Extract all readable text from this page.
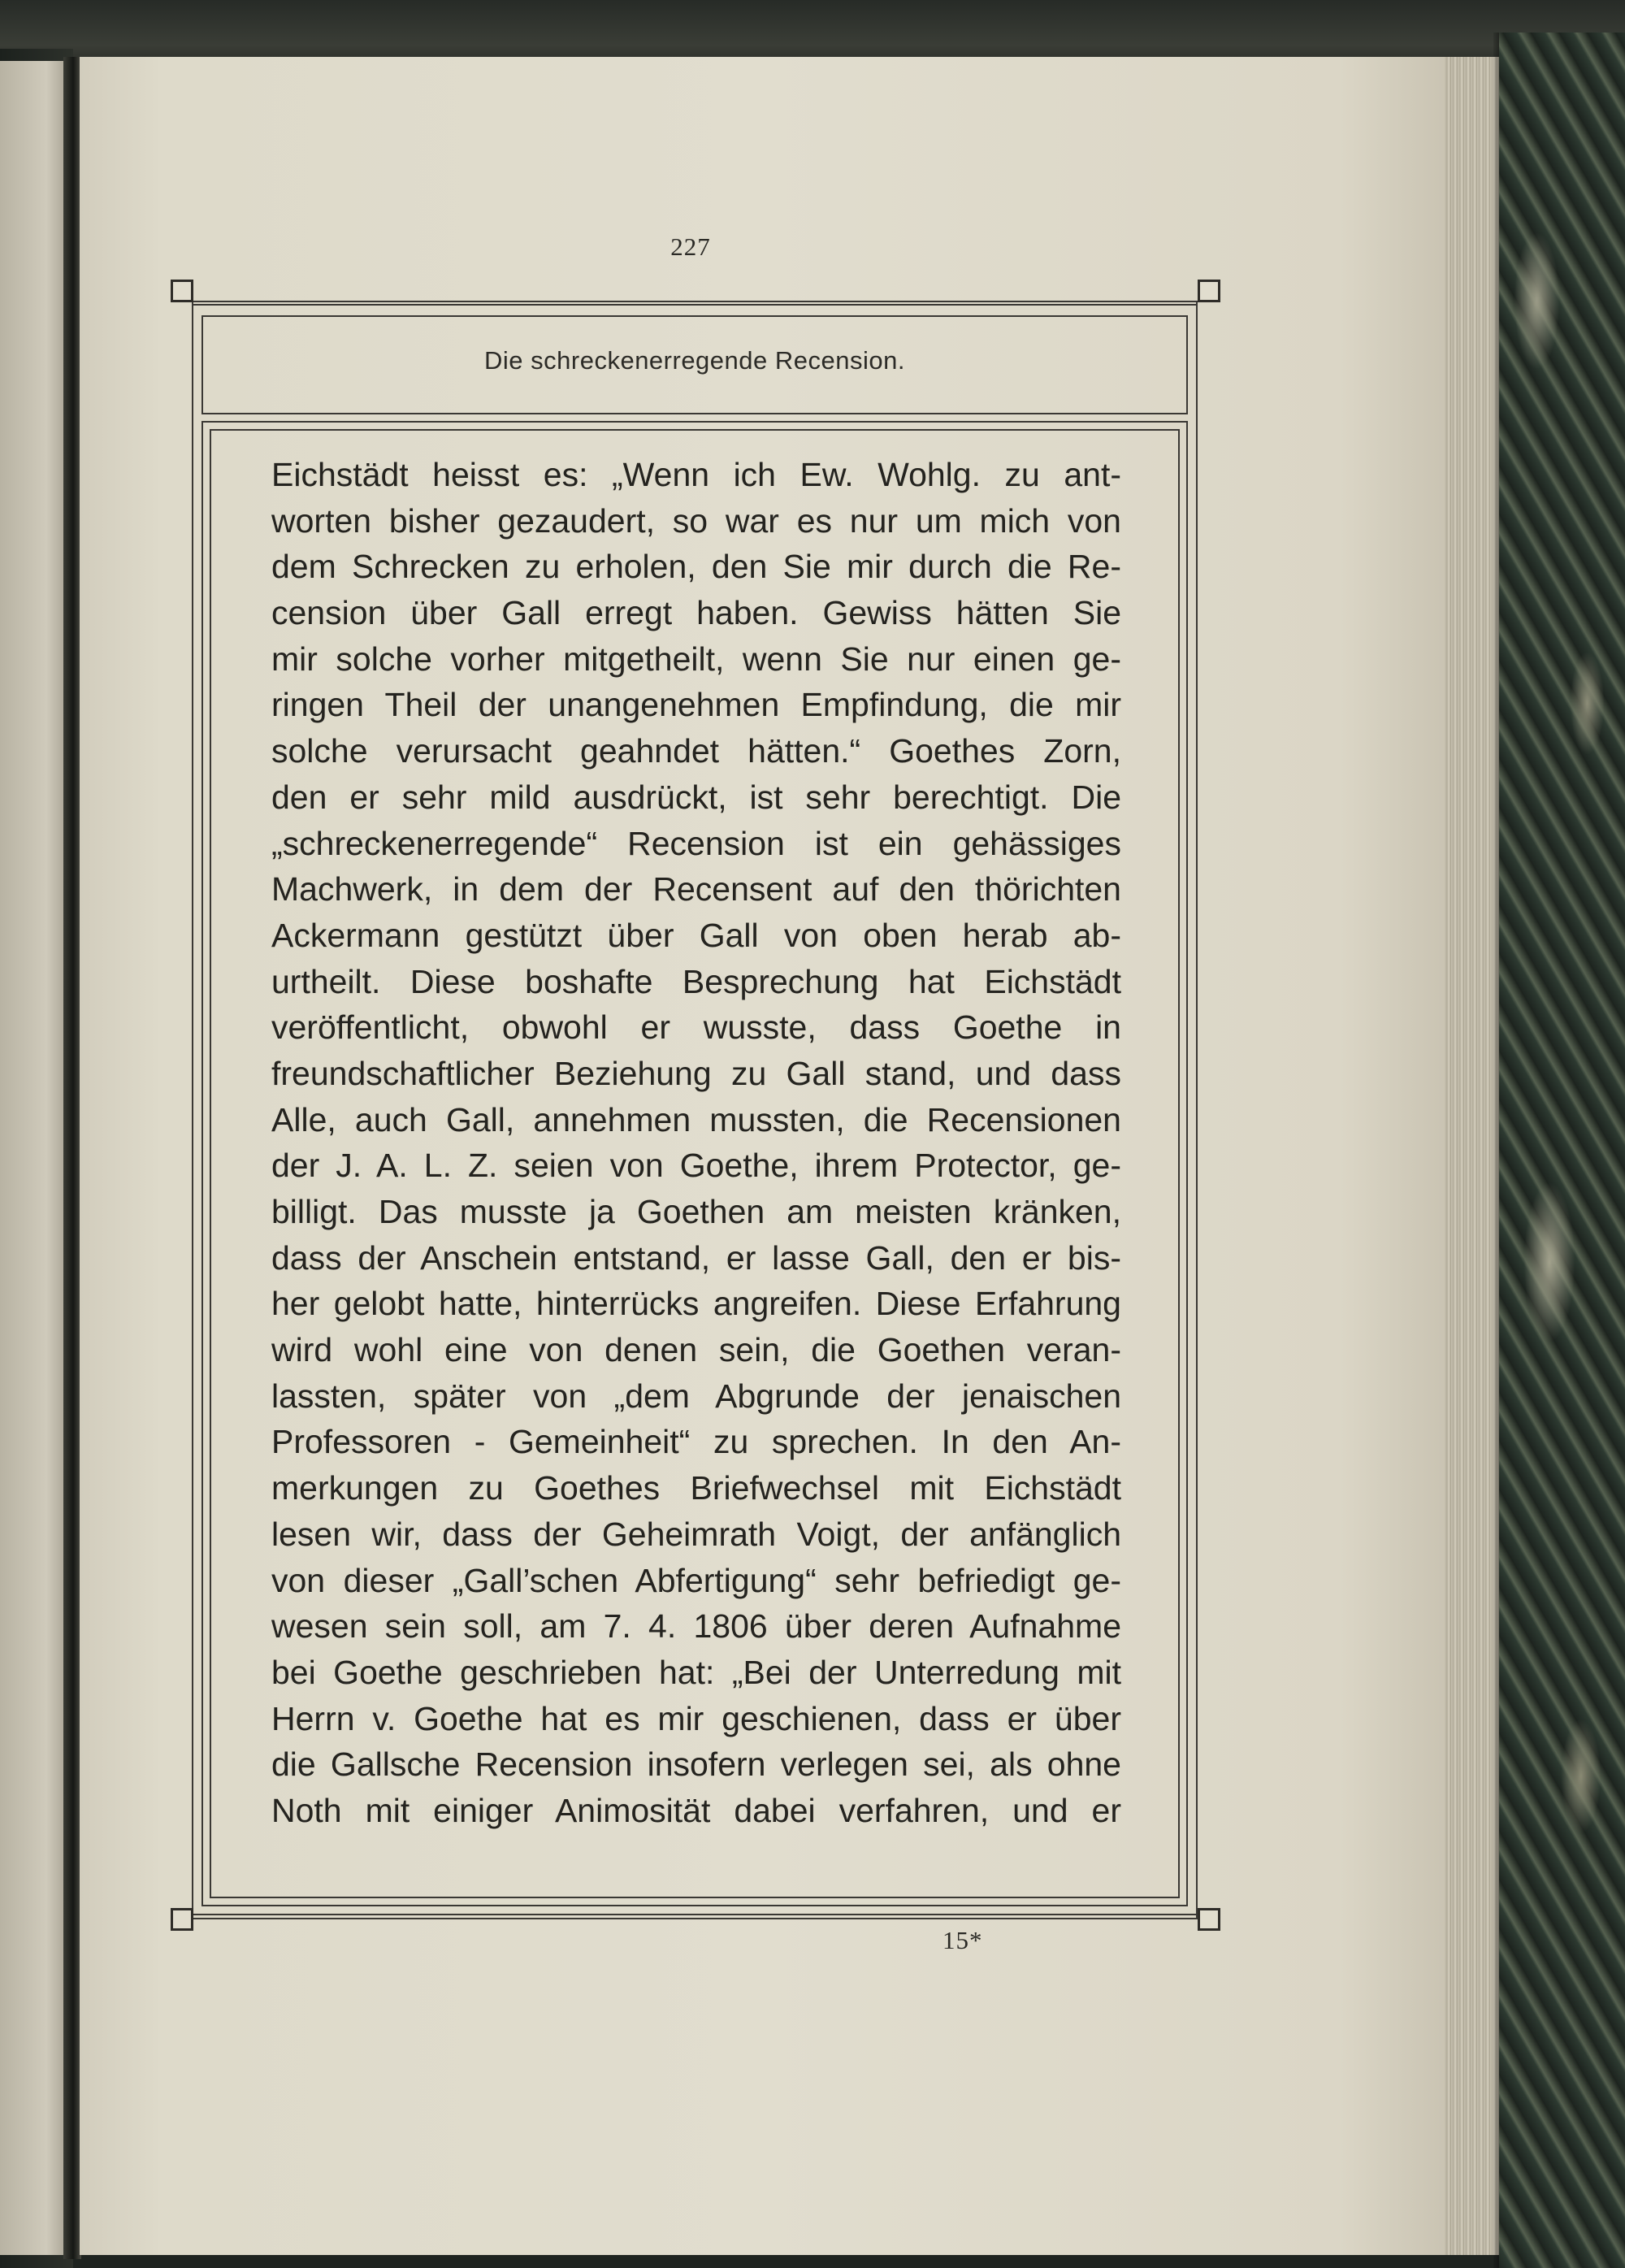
227
Die schreckenerregende Recension.
Eichstädt heisst es: „Wenn ich Ew. Wohlg. zu ant-
worten bisher gezaudert, so war es nur um mich von
dem Schrecken zu erholen, den Sie mir durch die Re-
cension über Gall erregt haben. Gewiss hätten Sie
mir solche vorher mitgetheilt, wenn Sie nur einen ge-
ringen Theil der unangenehmen Empfindung, die mir
solche verursacht geahndet hätten.“ Goethes Zorn,
den er sehr mild ausdrückt, ist sehr berechtigt. Die
„schreckenerregende“ Recension ist ein gehässiges
Machwerk, in dem der Recensent auf den thörichten
Ackermann gestützt über Gall von oben herab ab-
urtheilt. Diese boshafte Besprechung hat Eichstädt
veröffentlicht, obwohl er wusste, dass Goethe in
freundschaftlicher Beziehung zu Gall stand, und dass
Alle, auch Gall, annehmen mussten, die Recensionen
der J. A. L. Z. seien von Goethe, ihrem Protector, ge-
billigt. Das musste ja Goethen am meisten kränken,
dass der Anschein entstand, er lasse Gall, den er bis-
her gelobt hatte, hinterrücks angreifen. Diese Erfahrung
wird wohl eine von denen sein, die Goethen veran-
lassten, später von „dem Abgrunde der jenaischen
Professoren - Gemeinheit“ zu sprechen. In den An-
merkungen zu Goethes Briefwechsel mit Eichstädt
lesen wir, dass der Geheimrath Voigt, der anfänglich
von dieser „Gall’schen Abfertigung“ sehr befriedigt ge-
wesen sein soll, am 7. 4. 1806 über deren Aufnahme
bei Goethe geschrieben hat: „Bei der Unterredung mit
Herrn v. Goethe hat es mir geschienen, dass er über
die Gallsche Recension insofern verlegen sei, als ohne
Noth mit einiger Animosität dabei verfahren, und er
15*
